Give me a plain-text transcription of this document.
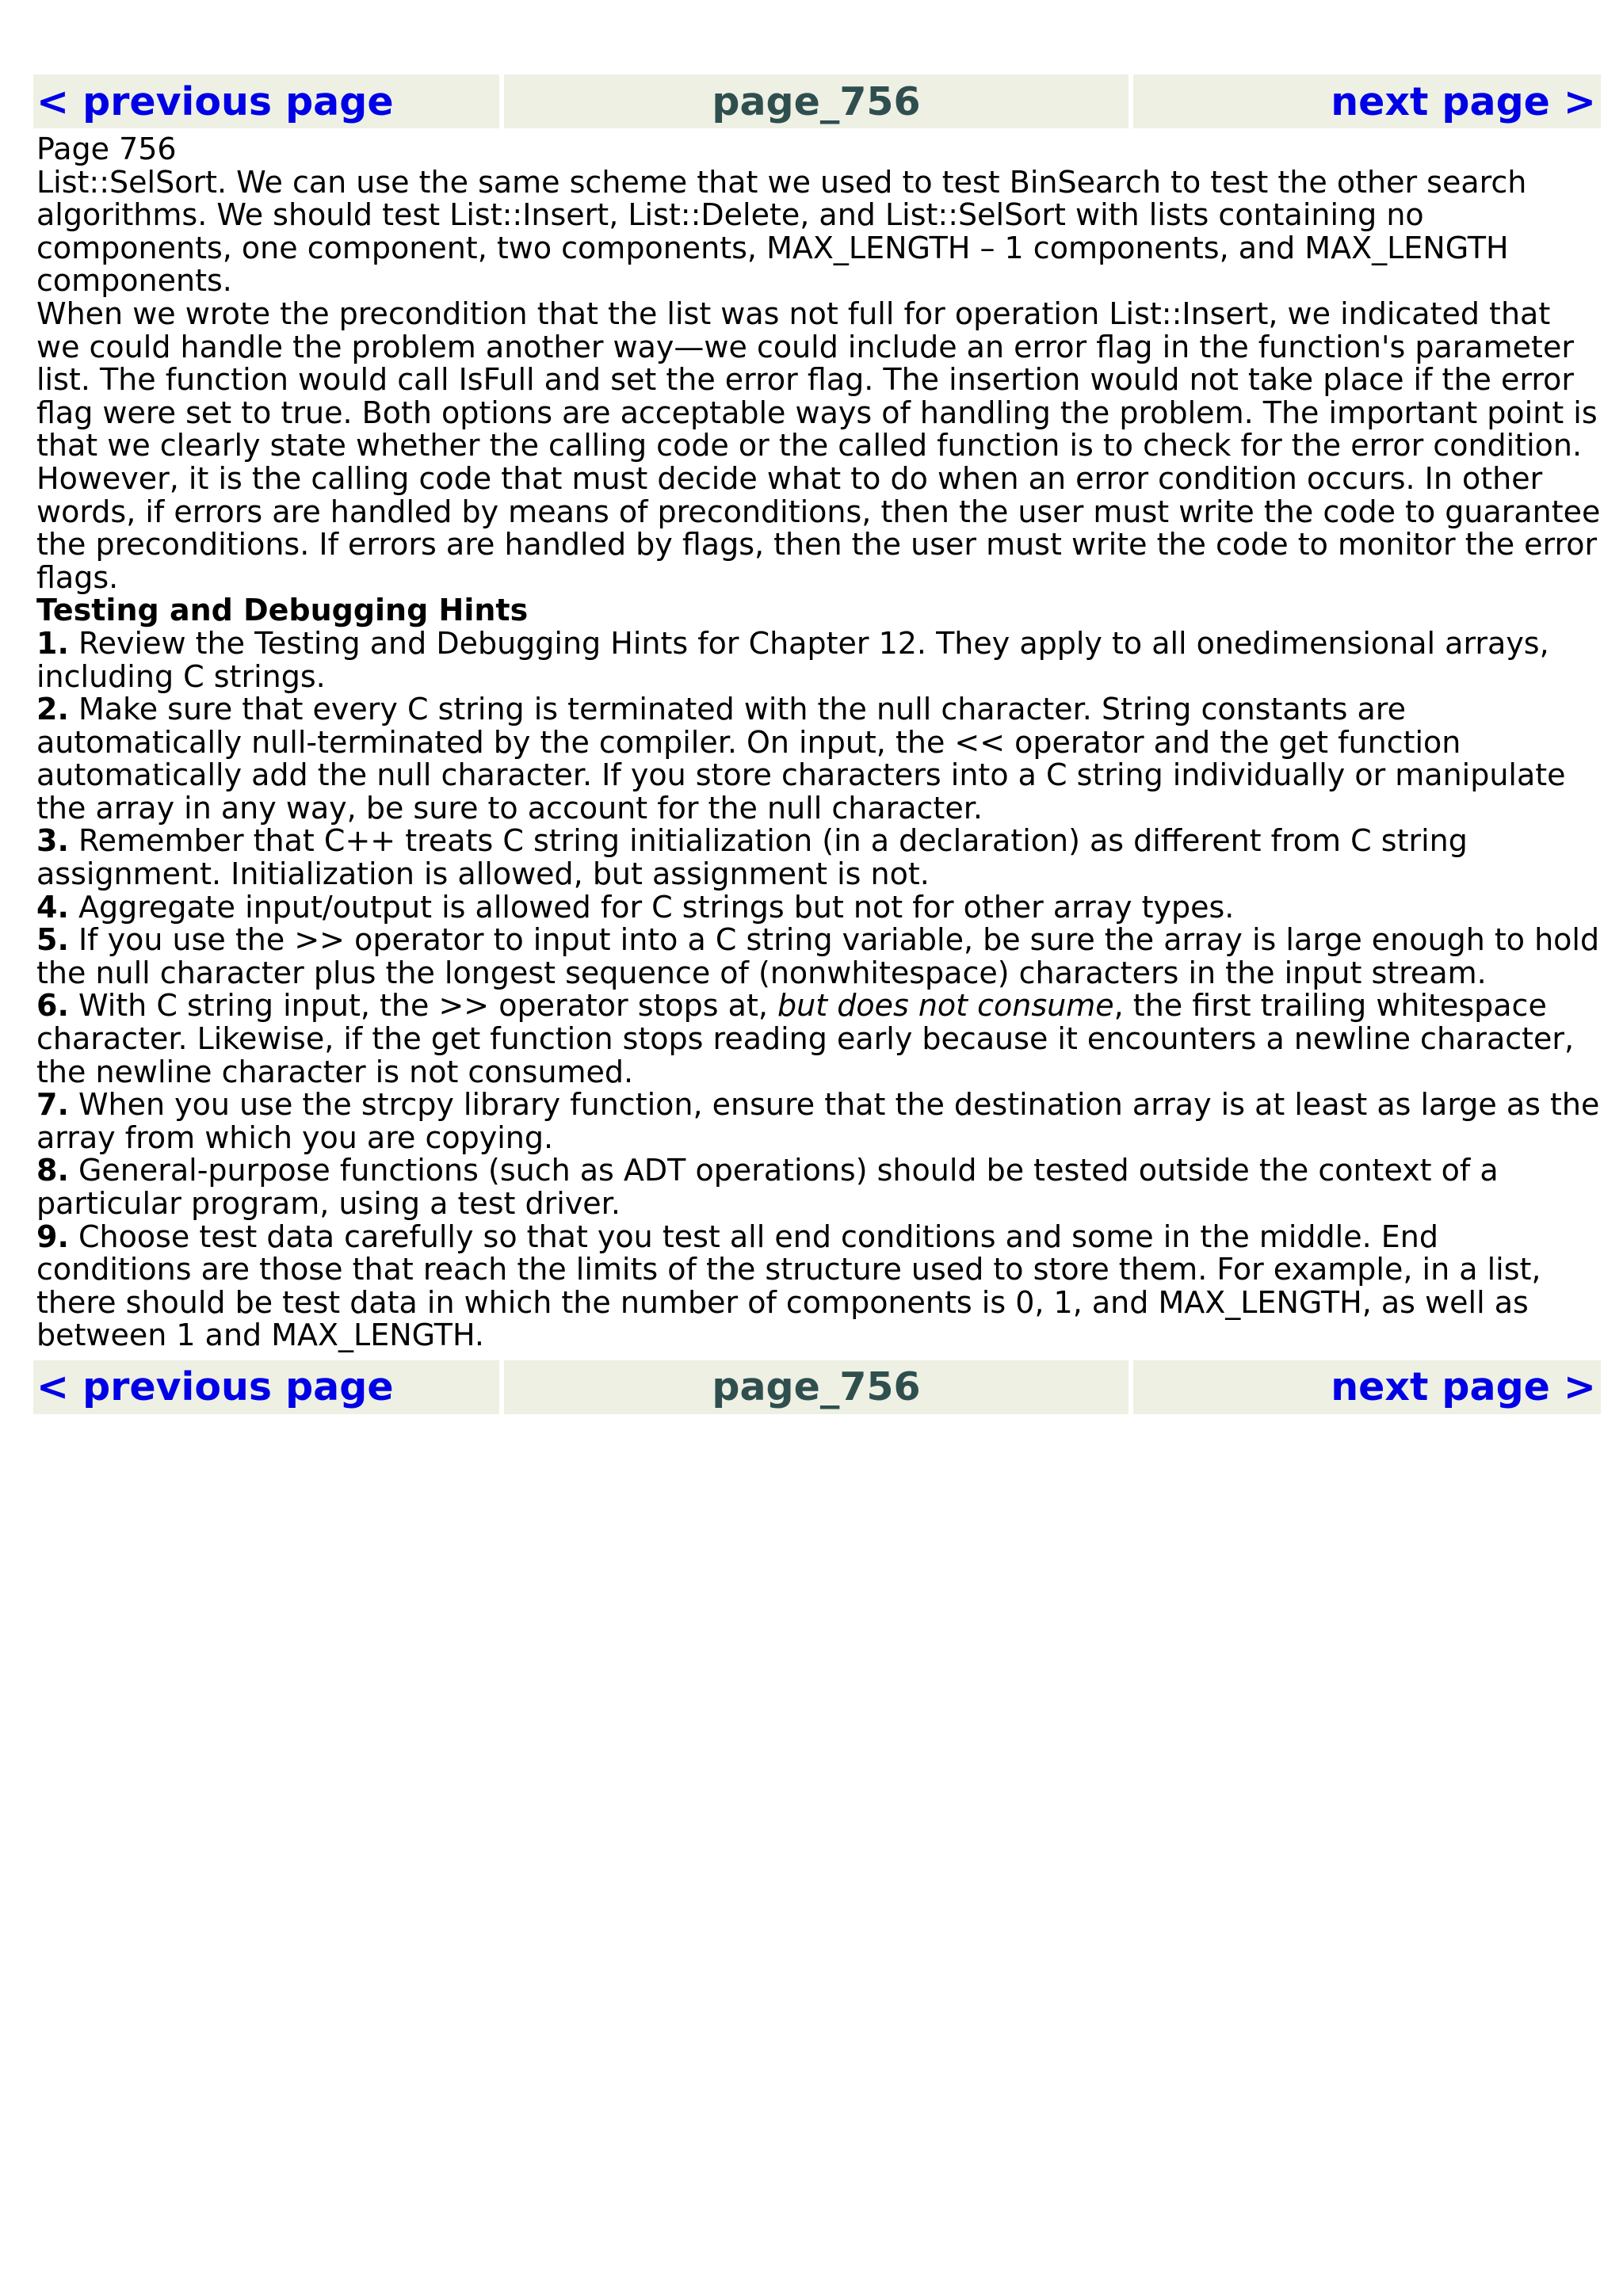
< previous page	page_756	next page >

Page 756

List::SelSort. We can use the same scheme that we used to test BinSearch to test the other search algorithms. We should test List::Insert, List::Delete, and List::SelSort with lists containing no components, one component, two components, MAX_LENGTH – 1 components, and MAX_LENGTH components.

When we wrote the precondition that the list was not full for operation List::Insert, we indicated that we could handle the problem another way—we could include an error flag in the function's parameter list. The function would call IsFull and set the error flag. The insertion would not take place if the error flag were set to true. Both options are acceptable ways of handling the problem. The important point is that we clearly state whether the calling code or the called function is to check for the error condition. However, it is the calling code that must decide what to do when an error condition occurs. In other words, if errors are handled by means of preconditions, then the user must write the code to guarantee the preconditions. If errors are handled by flags, then the user must write the code to monitor the error flags.

Testing and Debugging Hints

1. Review the Testing and Debugging Hints for Chapter 12. They apply to all onedimensional arrays, including C strings.

2. Make sure that every C string is terminated with the null character. String constants are automatically null-terminated by the compiler. On input, the << operator and the get function automatically add the null character. If you store characters into a C string individually or manipulate the array in any way, be sure to account for the null character.

3. Remember that C++ treats C string initialization (in a declaration) as different from C string assignment. Initialization is allowed, but assignment is not.

4. Aggregate input/output is allowed for C strings but not for other array types.

5. If you use the >> operator to input into a C string variable, be sure the array is large enough to hold the null character plus the longest sequence of (nonwhitespace) characters in the input stream.

6. With C string input, the >> operator stops at, but does not consume, the first trailing whitespace character. Likewise, if the get function stops reading early because it encounters a newline character, the newline character is not consumed.

7. When you use the strcpy library function, ensure that the destination array is at least as large as the array from which you are copying.

8. General-purpose functions (such as ADT operations) should be tested outside the context of a particular program, using a test driver.

9. Choose test data carefully so that you test all end conditions and some in the middle. End conditions are those that reach the limits of the structure used to store them. For example, in a list, there should be test data in which the number of components is 0, 1, and MAX_LENGTH, as well as between 1 and MAX_LENGTH.

< previous page	page_756	next page >
